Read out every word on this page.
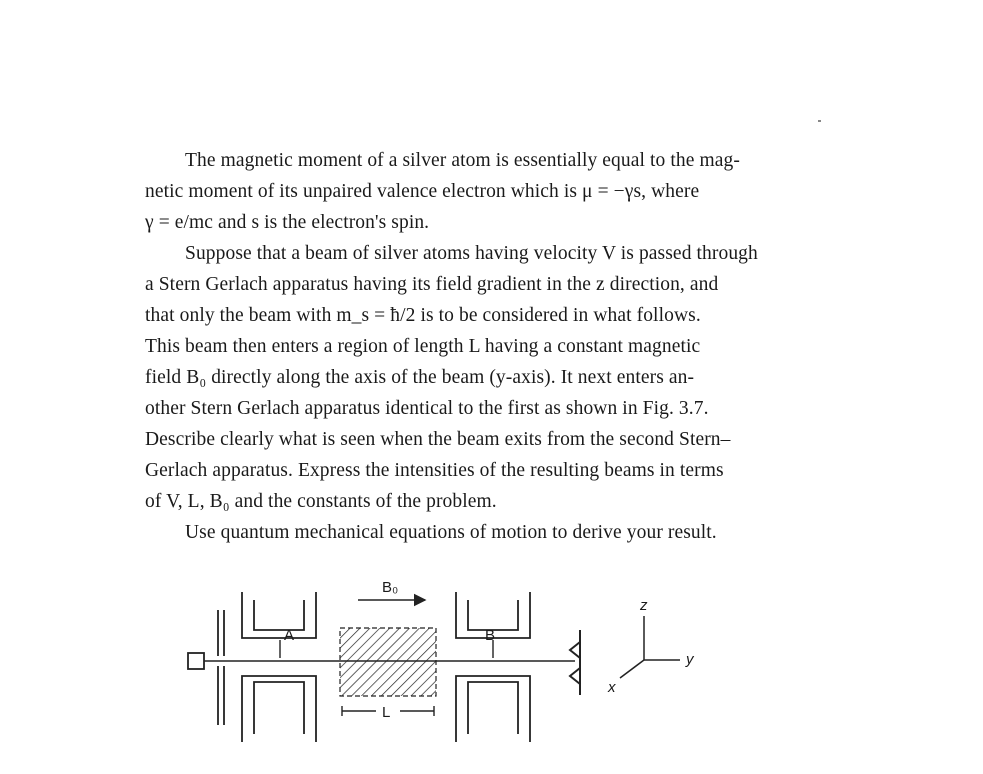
The magnetic moment of a silver atom is essentially equal to the mag-
netic moment of its unpaired valence electron which is μ = −γs, where
γ = e/mc and s is the electron's spin.

Suppose that a beam of silver atoms having velocity V is passed through
a Stern Gerlach apparatus having its field gradient in the z direction, and
that only the beam with m_s = ħ/2 is to be considered in what follows.
This beam then enters a region of length L having a constant magnetic
field B₀ directly along the axis of the beam (y-axis). It next enters an-
other Stern Gerlach apparatus identical to the first as shown in Fig. 3.7.
Describe clearly what is seen when the beam exits from the second Stern–
Gerlach apparatus. Express the intensities of the resulting beams in terms
of V, L, B₀ and the constants of the problem.

Use quantum mechanical equations of motion to derive your result.

A
B₀
L
B
z
y
x
